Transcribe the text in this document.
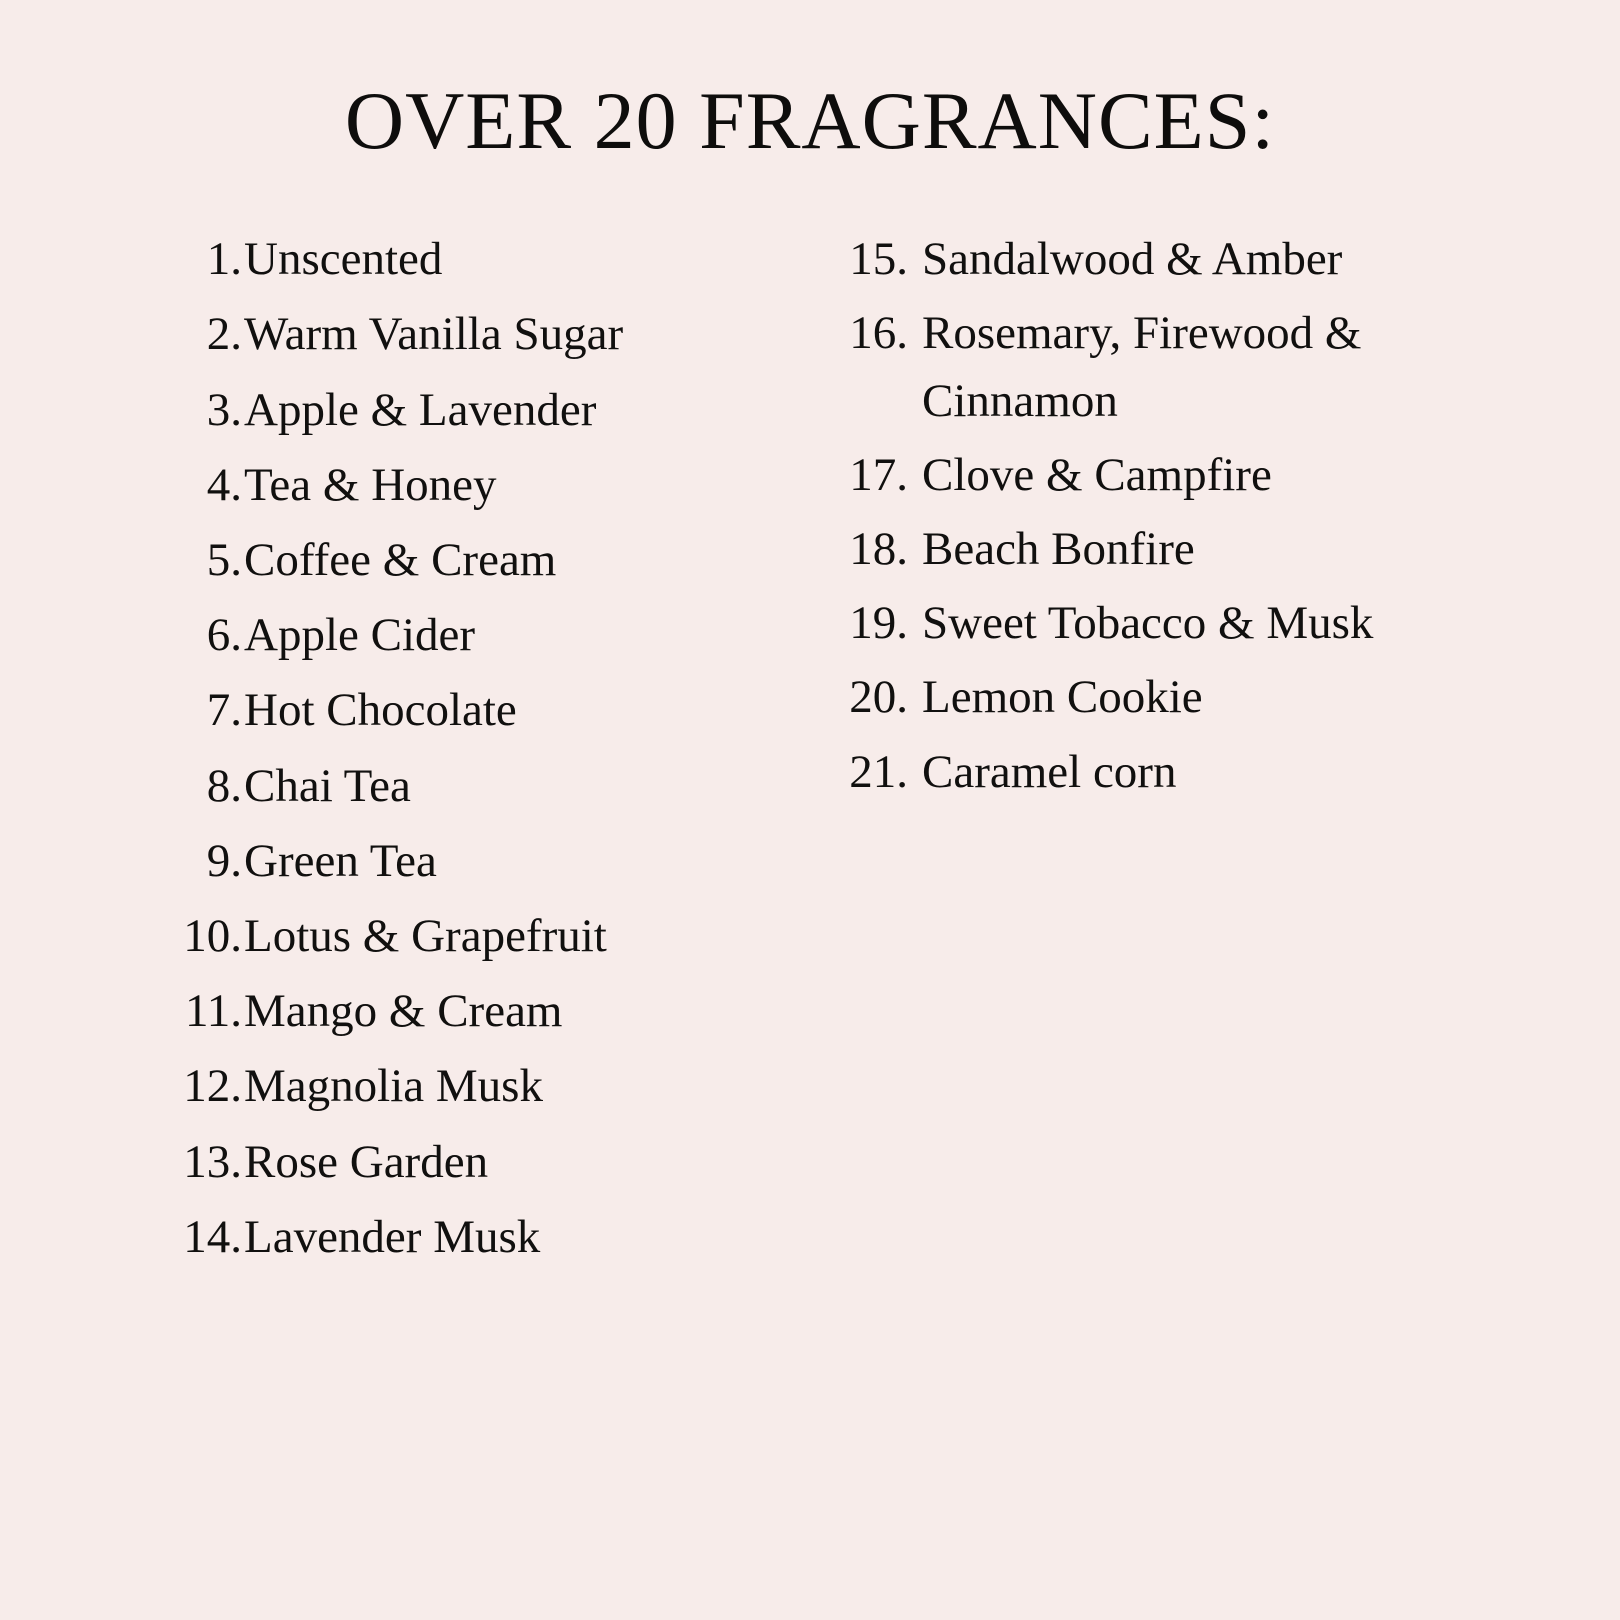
OVER 20 FRAGRANCES:
1. Unscented
2. Warm Vanilla Sugar
3. Apple & Lavender
4. Tea & Honey
5. Coffee & Cream
6. Apple Cider
7. Hot Chocolate
8. Chai Tea
9. Green Tea
10. Lotus & Grapefruit
11. Mango & Cream
12. Magnolia Musk
13. Rose Garden
14. Lavender Musk
15. Sandalwood & Amber
16. Rosemary, Firewood & Cinnamon
17. Clove & Campfire
18. Beach Bonfire
19. Sweet Tobacco & Musk
20. Lemon Cookie
21. Caramel corn
